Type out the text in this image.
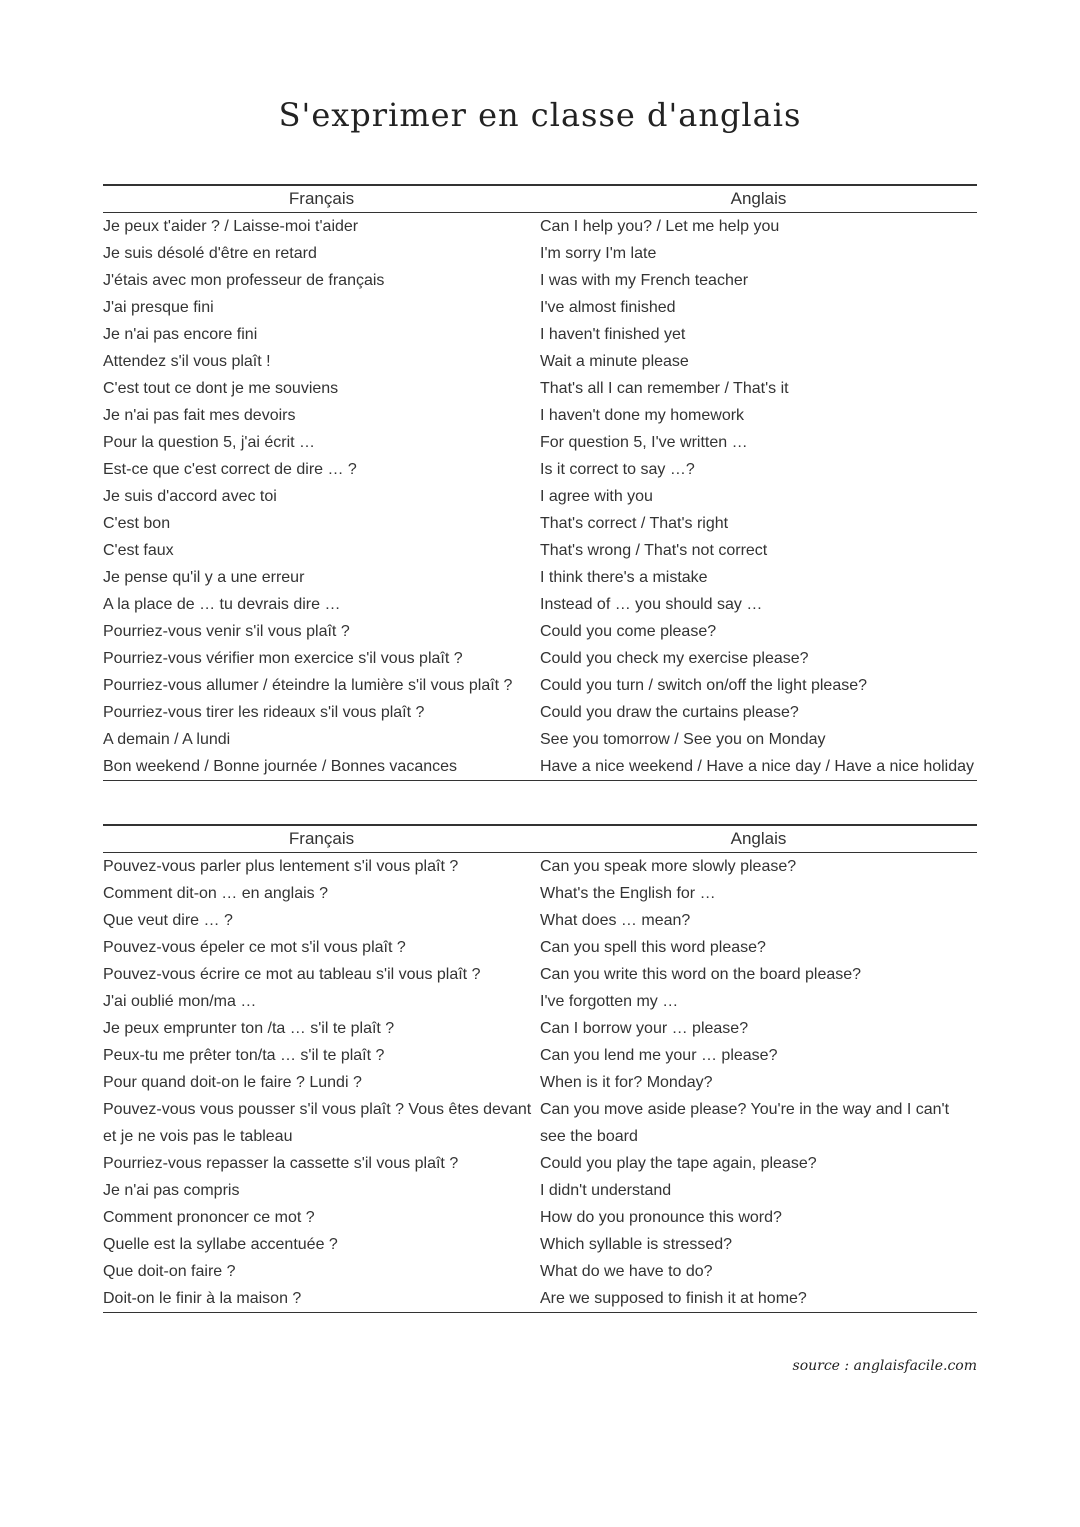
S'exprimer en classe d'anglais
Français	Anglais
Je peux t'aider ? / Laisse-moi t'aider	Can I help you? / Let me help you
Je suis désolé d'être en retard	I'm sorry I'm late
J'étais avec mon professeur de français	I was with my French teacher
J'ai presque fini	I've almost finished
Je n'ai pas encore fini	I haven't finished yet
Attendez s'il vous plaît !	Wait a minute please
C'est tout ce dont je me souviens	That's all I can remember / That's it
Je n'ai pas fait mes devoirs	I haven't done my homework
Pour la question 5, j'ai écrit …	For question 5, I've written …
Est-ce que c'est correct de dire … ?	Is it correct to say …?
Je suis d'accord avec toi	I agree with you
C'est bon	That's correct / That's right
C'est faux	That's wrong / That's not correct
Je pense qu'il y a une erreur	I think there's a mistake
A la place de … tu devrais dire …	Instead of … you should say …
Pourriez-vous venir s'il vous plaît ?	Could you come please?
Pourriez-vous vérifier mon exercice s'il vous plaît ?	Could you check my exercise please?
Pourriez-vous allumer / éteindre la lumière s'il vous plaît ?	Could you turn / switch on/off the light please?
Pourriez-vous tirer les rideaux s'il vous plaît ?	Could you draw the curtains please?
A demain / A lundi	See you tomorrow / See you on Monday
Bon weekend / Bonne journée / Bonnes vacances	Have a nice weekend / Have a nice day / Have a nice holiday
Français	Anglais
Pouvez-vous parler plus lentement s'il vous plaît ?	Can you speak more slowly please?
Comment dit-on … en anglais ?	What's the English for …
Que veut dire … ?	What does … mean?
Pouvez-vous épeler ce mot s'il vous plaît ?	Can you spell this word please?
Pouvez-vous écrire ce mot au tableau s'il vous plaît ?	Can you write this word on the board please?
J'ai oublié mon/ma …	I've forgotten my …
Je peux emprunter ton /ta … s'il te plaît ?	Can I borrow your … please?
Peux-tu me prêter ton/ta … s'il te plaît ?	Can you lend me your … please?
Pour quand doit-on le faire ? Lundi ?	When is it for? Monday?
Pouvez-vous vous pousser s'il vous plaît ? Vous êtes devant et je ne vois pas le tableau	Can you move aside please? You're in the way and I can't see the board
Pourriez-vous repasser la cassette s'il vous plaît ?	Could you play the tape again, please?
Je n'ai pas compris	I didn't understand
Comment prononcer ce mot ?	How do you pronounce this word?
Quelle est la syllabe accentuée ?	Which syllable is stressed?
Que doit-on faire ?	What do we have to do?
Doit-on le finir à la maison ?	Are we supposed to finish it at home?
source : anglaisfacile.com
